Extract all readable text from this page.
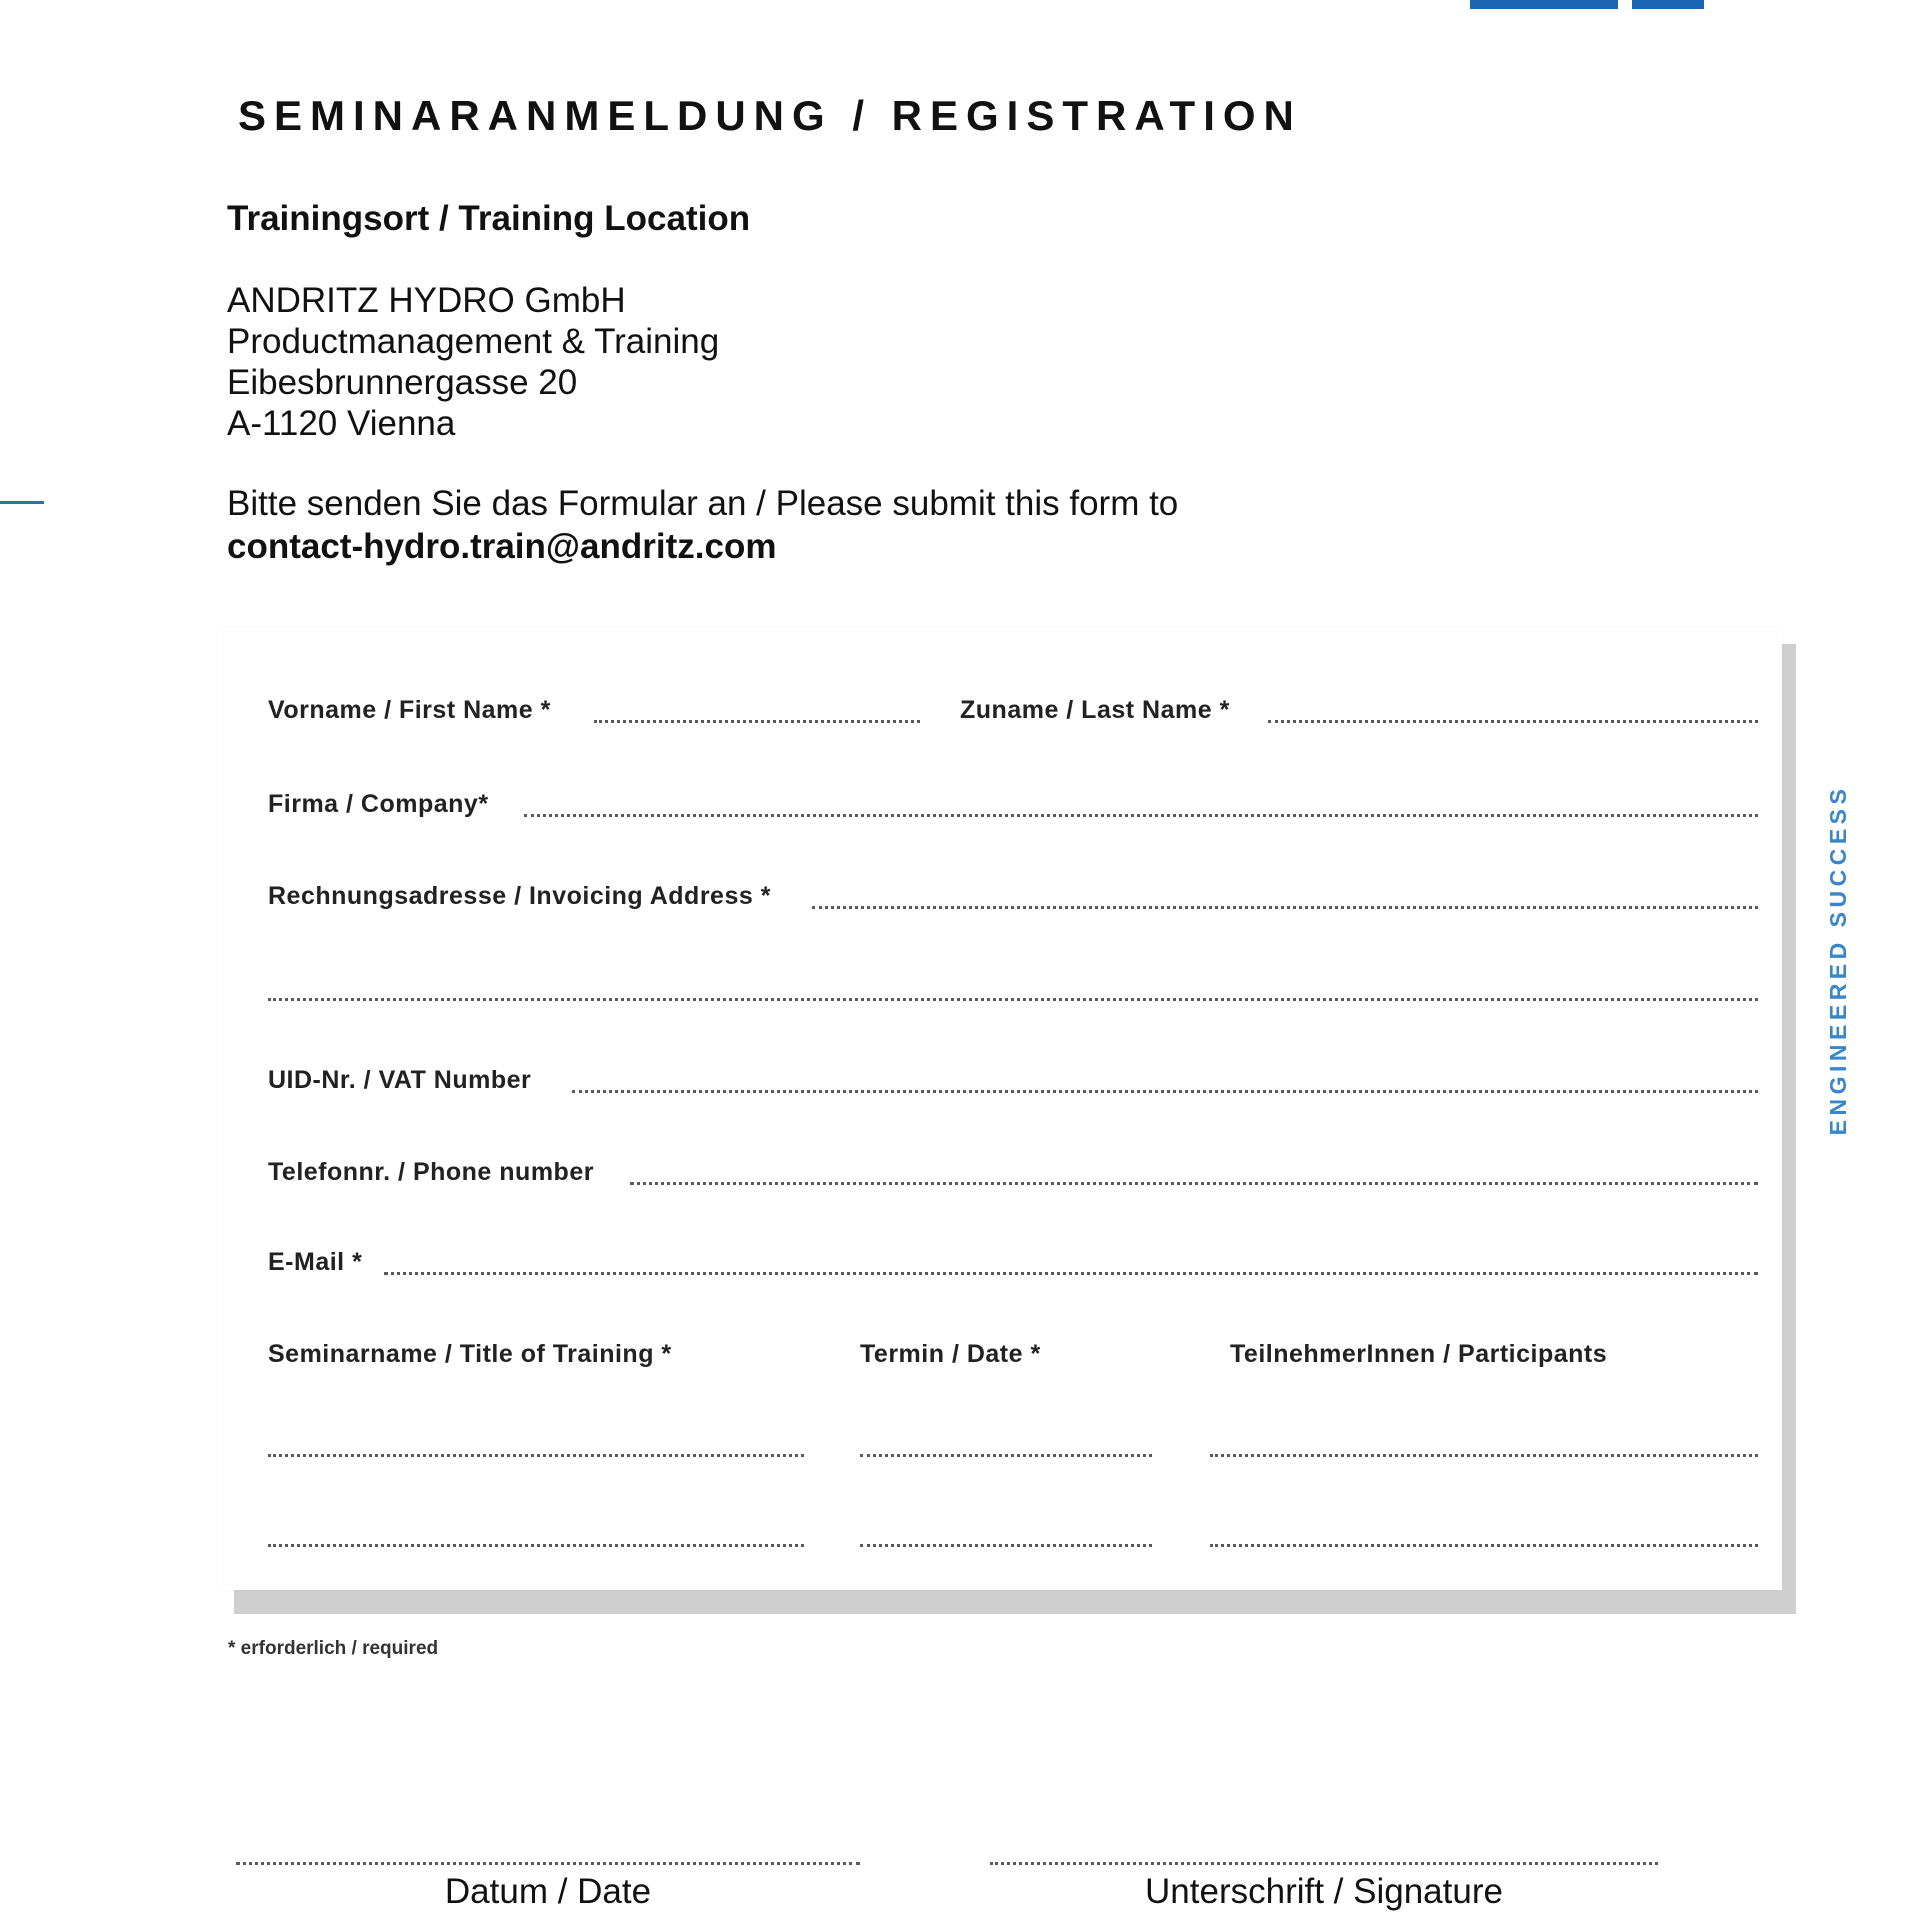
SEMINARANMELDUNG / REGISTRATION
Trainingsort / Training Location
ANDRITZ HYDRO GmbH
Productmanagement & Training
Eibesbrunnergasse 20
A-1120 Vienna
Bitte senden Sie das Formular an / Please submit this form to
contact-hydro.train@andritz.com
Vorname / First Name *	Zuname / Last Name *
Firma / Company*
Rechnungsadresse / Invoicing Address *
UID-Nr. / VAT Number
Telefonnr. / Phone number
E-Mail *
Seminarname / Title of Training *	Termin / Date *	TeilnehmerInnen / Participants
ENGINEERED SUCCESS
* erforderlich / required
Datum / Date	Unterschrift / Signature
